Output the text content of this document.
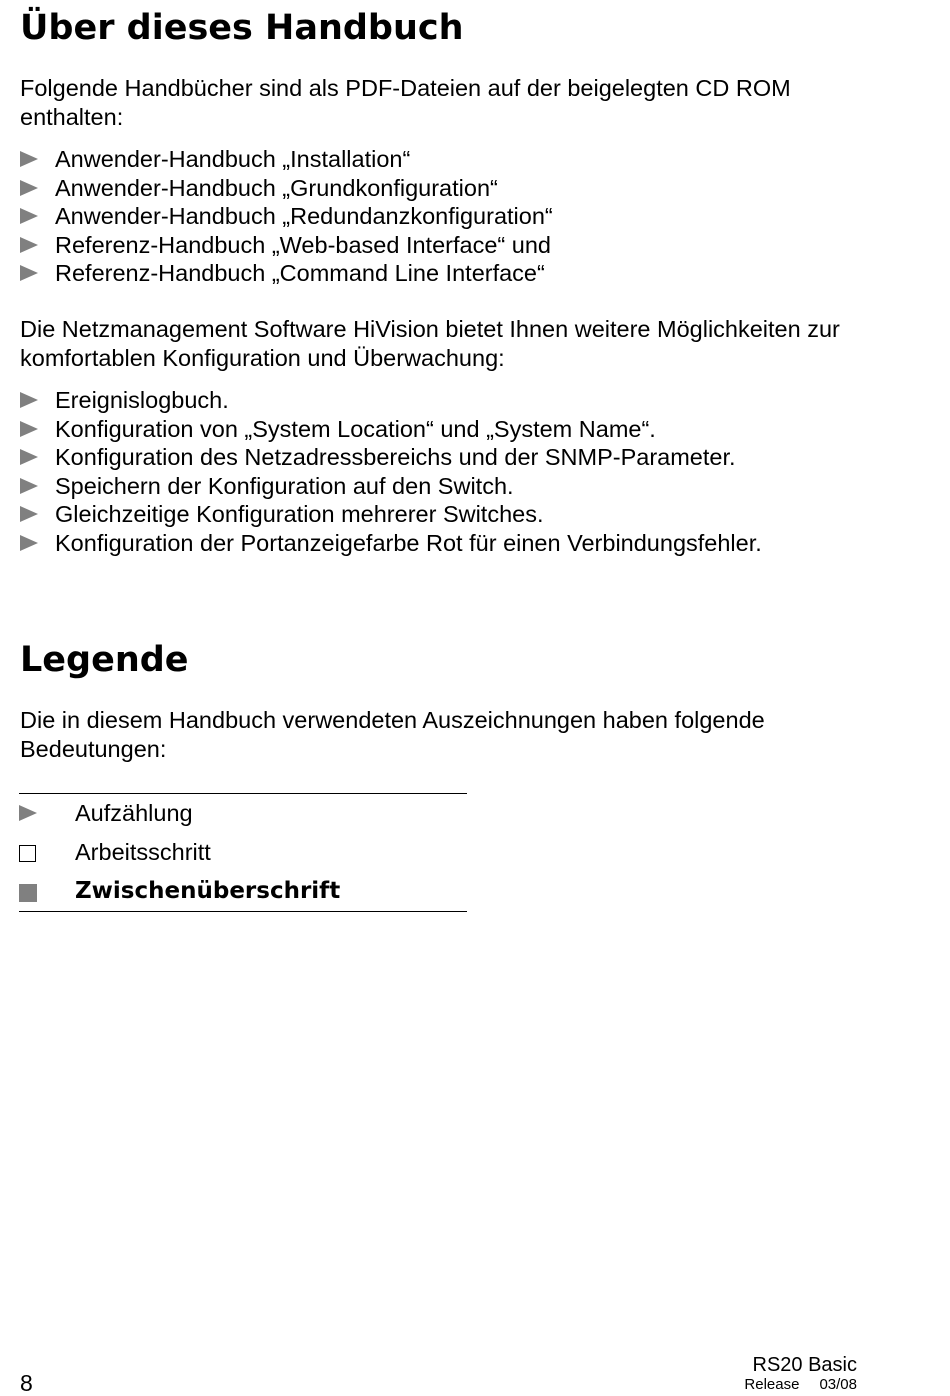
Über dieses Handbuch

Folgende Handbücher sind als PDF-Dateien auf der beigelegten CD ROM enthalten:

Anwender-Handbuch „Installation“
Anwender-Handbuch „Grundkonfiguration“
Anwender-Handbuch „Redundanzkonfiguration“
Referenz-Handbuch „Web-based Interface“ und
Referenz-Handbuch „Command Line Interface“

Die Netzmanagement Software HiVision bietet Ihnen weitere Möglichkeiten zur komfortablen Konfiguration und Überwachung:

Ereignislogbuch.
Konfiguration von „System Location“ und „System Name“.
Konfiguration des Netzadressbereichs und der SNMP-Parameter.
Speichern der Konfiguration auf den Switch.
Gleichzeitige Konfiguration mehrerer Switches.
Konfiguration der Portanzeigefarbe Rot für einen Verbindungsfehler.
Legende

Die in diesem Handbuch verwendeten Auszeichnungen haben folgende Bedeutungen:

Aufzählung
Arbeitsschritt
Zwischenüberschrift
8
RS20 Basic
Release 03/08
